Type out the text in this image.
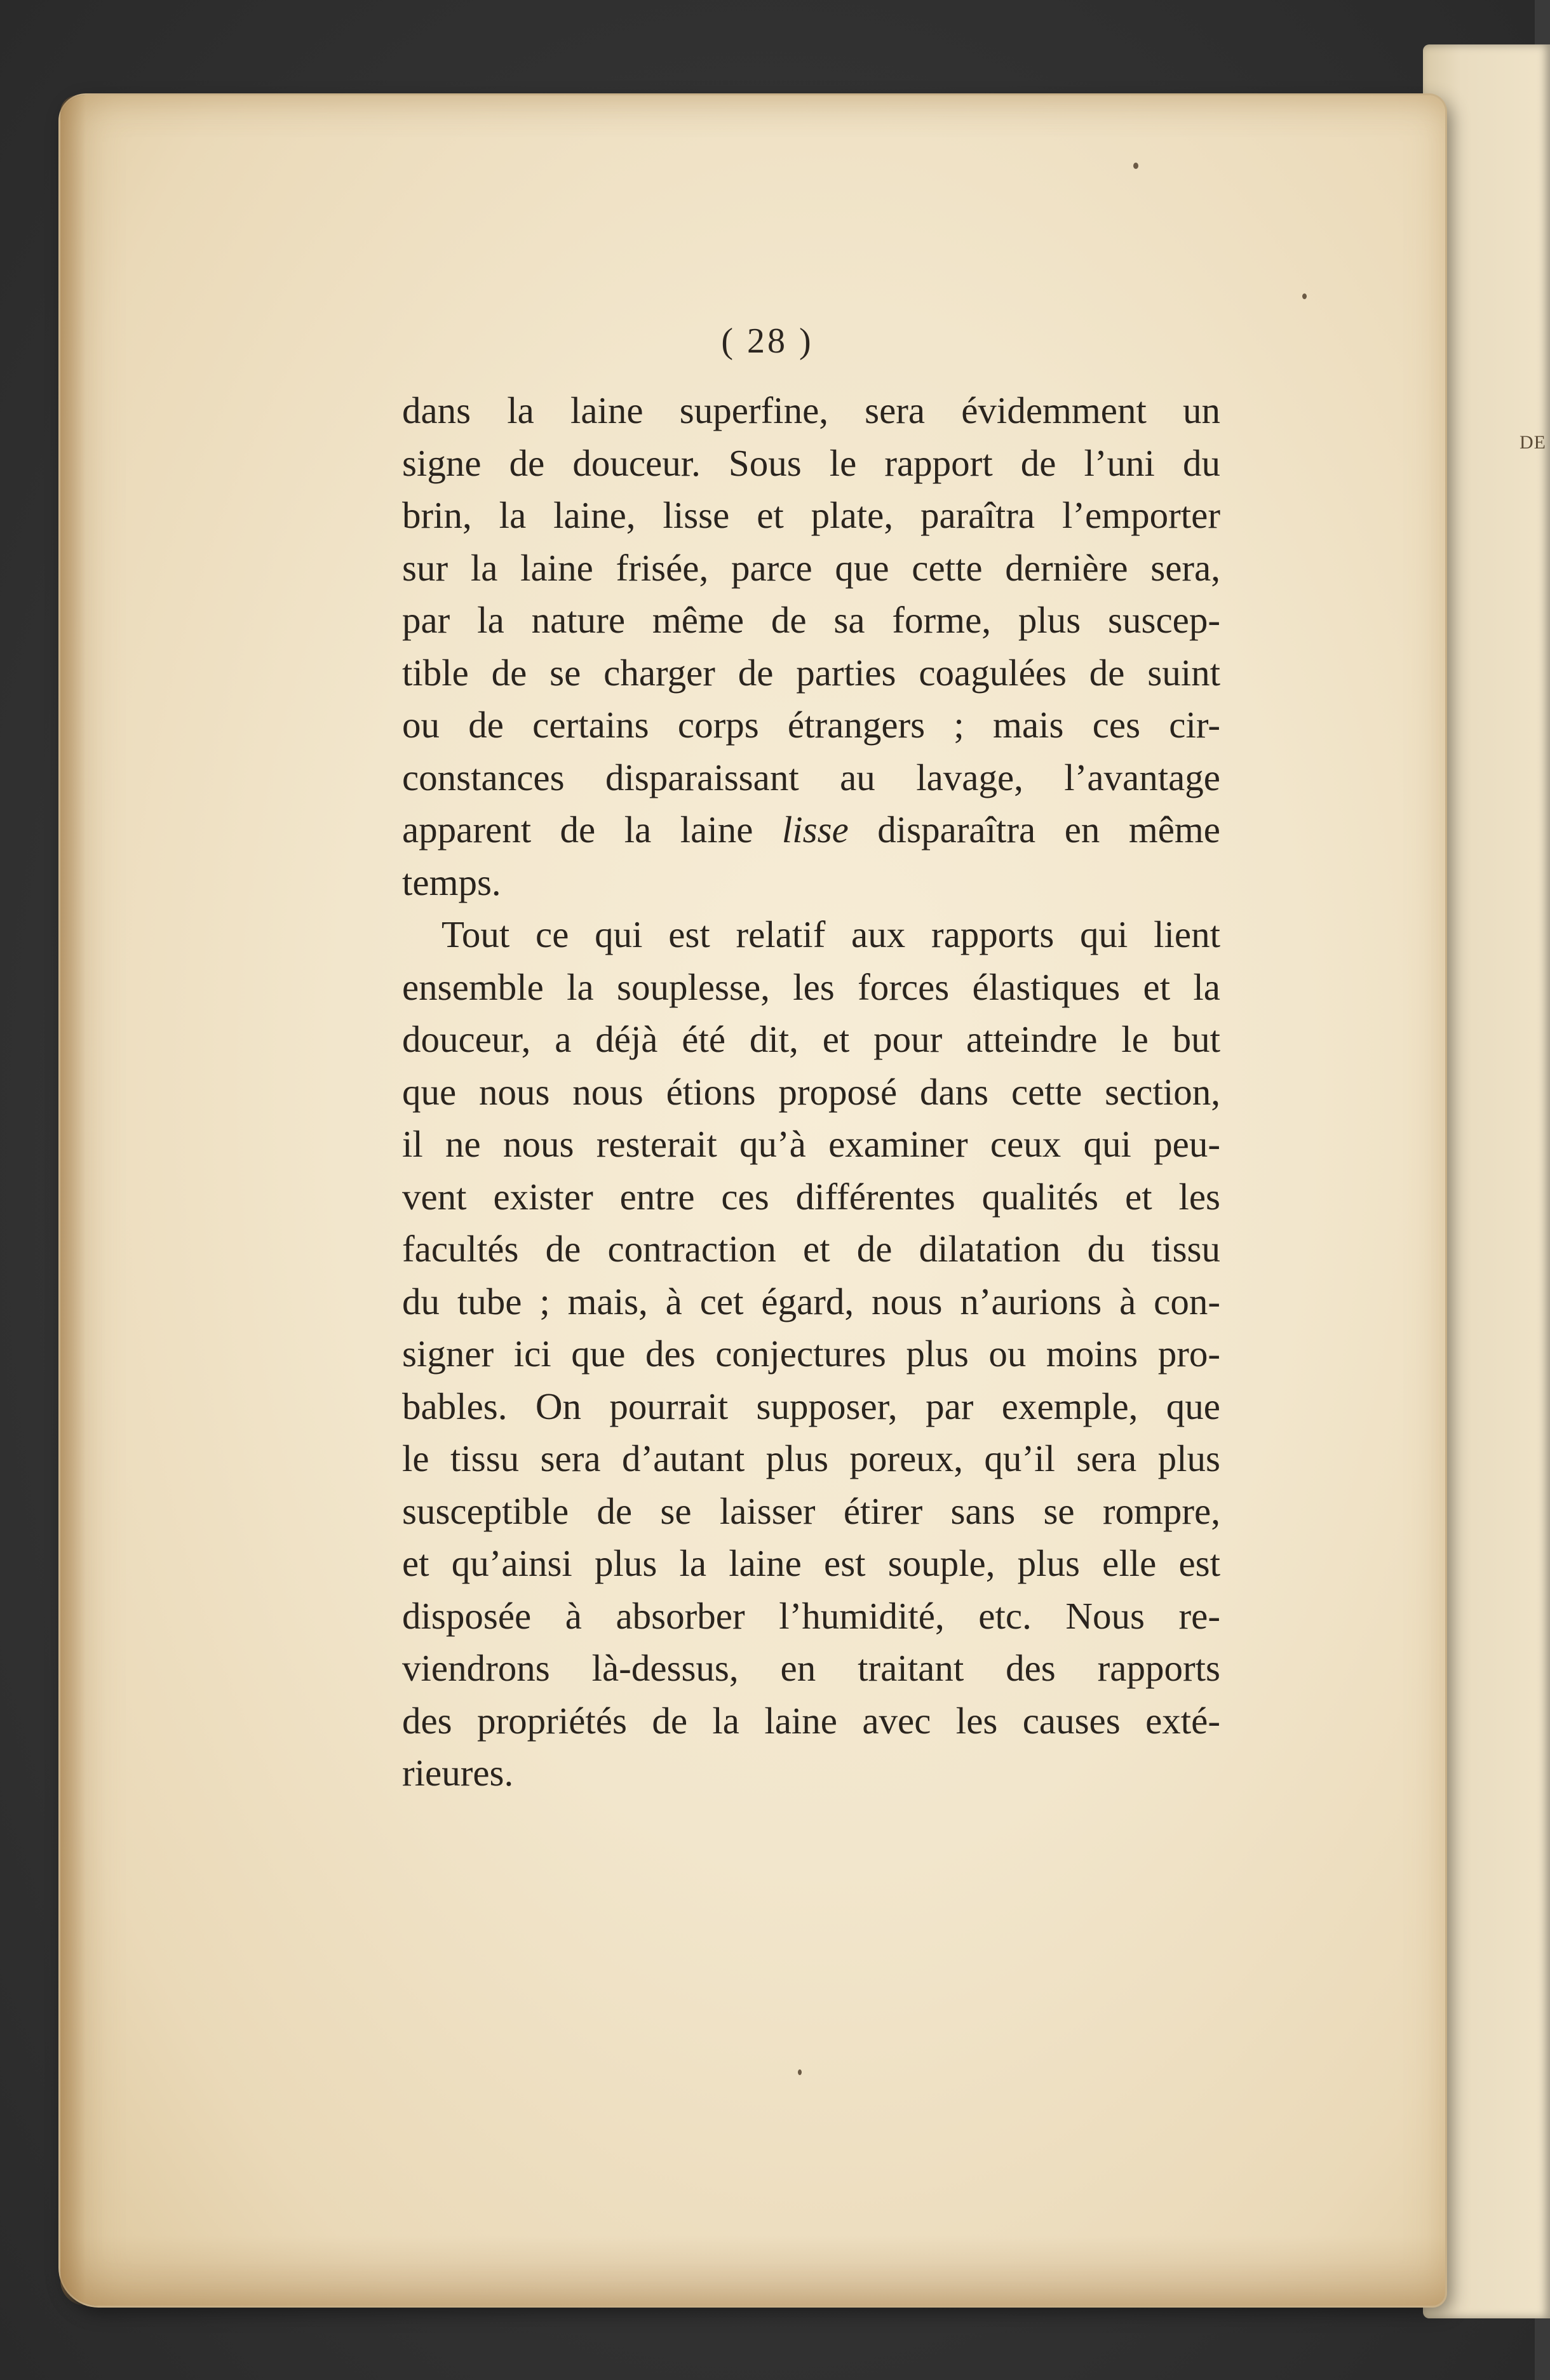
DE

( 28 )

dans la laine superfine, sera évidemment un
signe de douceur. Sous le rapport de l’uni du
brin, la laine, lisse et plate, paraîtra l’emporter
sur la laine frisée, parce que cette dernière sera,
par la nature même de sa forme, plus suscep-
tible de se charger de parties coagulées de suint
ou de certains corps étrangers ; mais ces cir-
constances disparaissant au lavage, l’avantage
apparent de la laine lisse disparaîtra en même
temps.
Tout ce qui est relatif aux rapports qui lient
ensemble la souplesse, les forces élastiques et la
douceur, a déjà été dit, et pour atteindre le but
que nous nous étions proposé dans cette section,
il ne nous resterait qu’à examiner ceux qui peu-
vent exister entre ces différentes qualités et les
facultés de contraction et de dilatation du tissu
du tube ; mais, à cet égard, nous n’aurions à con-
signer ici que des conjectures plus ou moins pro-
bables. On pourrait supposer, par exemple, que
le tissu sera d’autant plus poreux, qu’il sera plus
susceptible de se laisser étirer sans se rompre,
et qu’ainsi plus la laine est souple, plus elle est
disposée à absorber l’humidité, etc. Nous re-
viendrons là-dessus, en traitant des rapports
des propriétés de la laine avec les causes exté-
rieures.
